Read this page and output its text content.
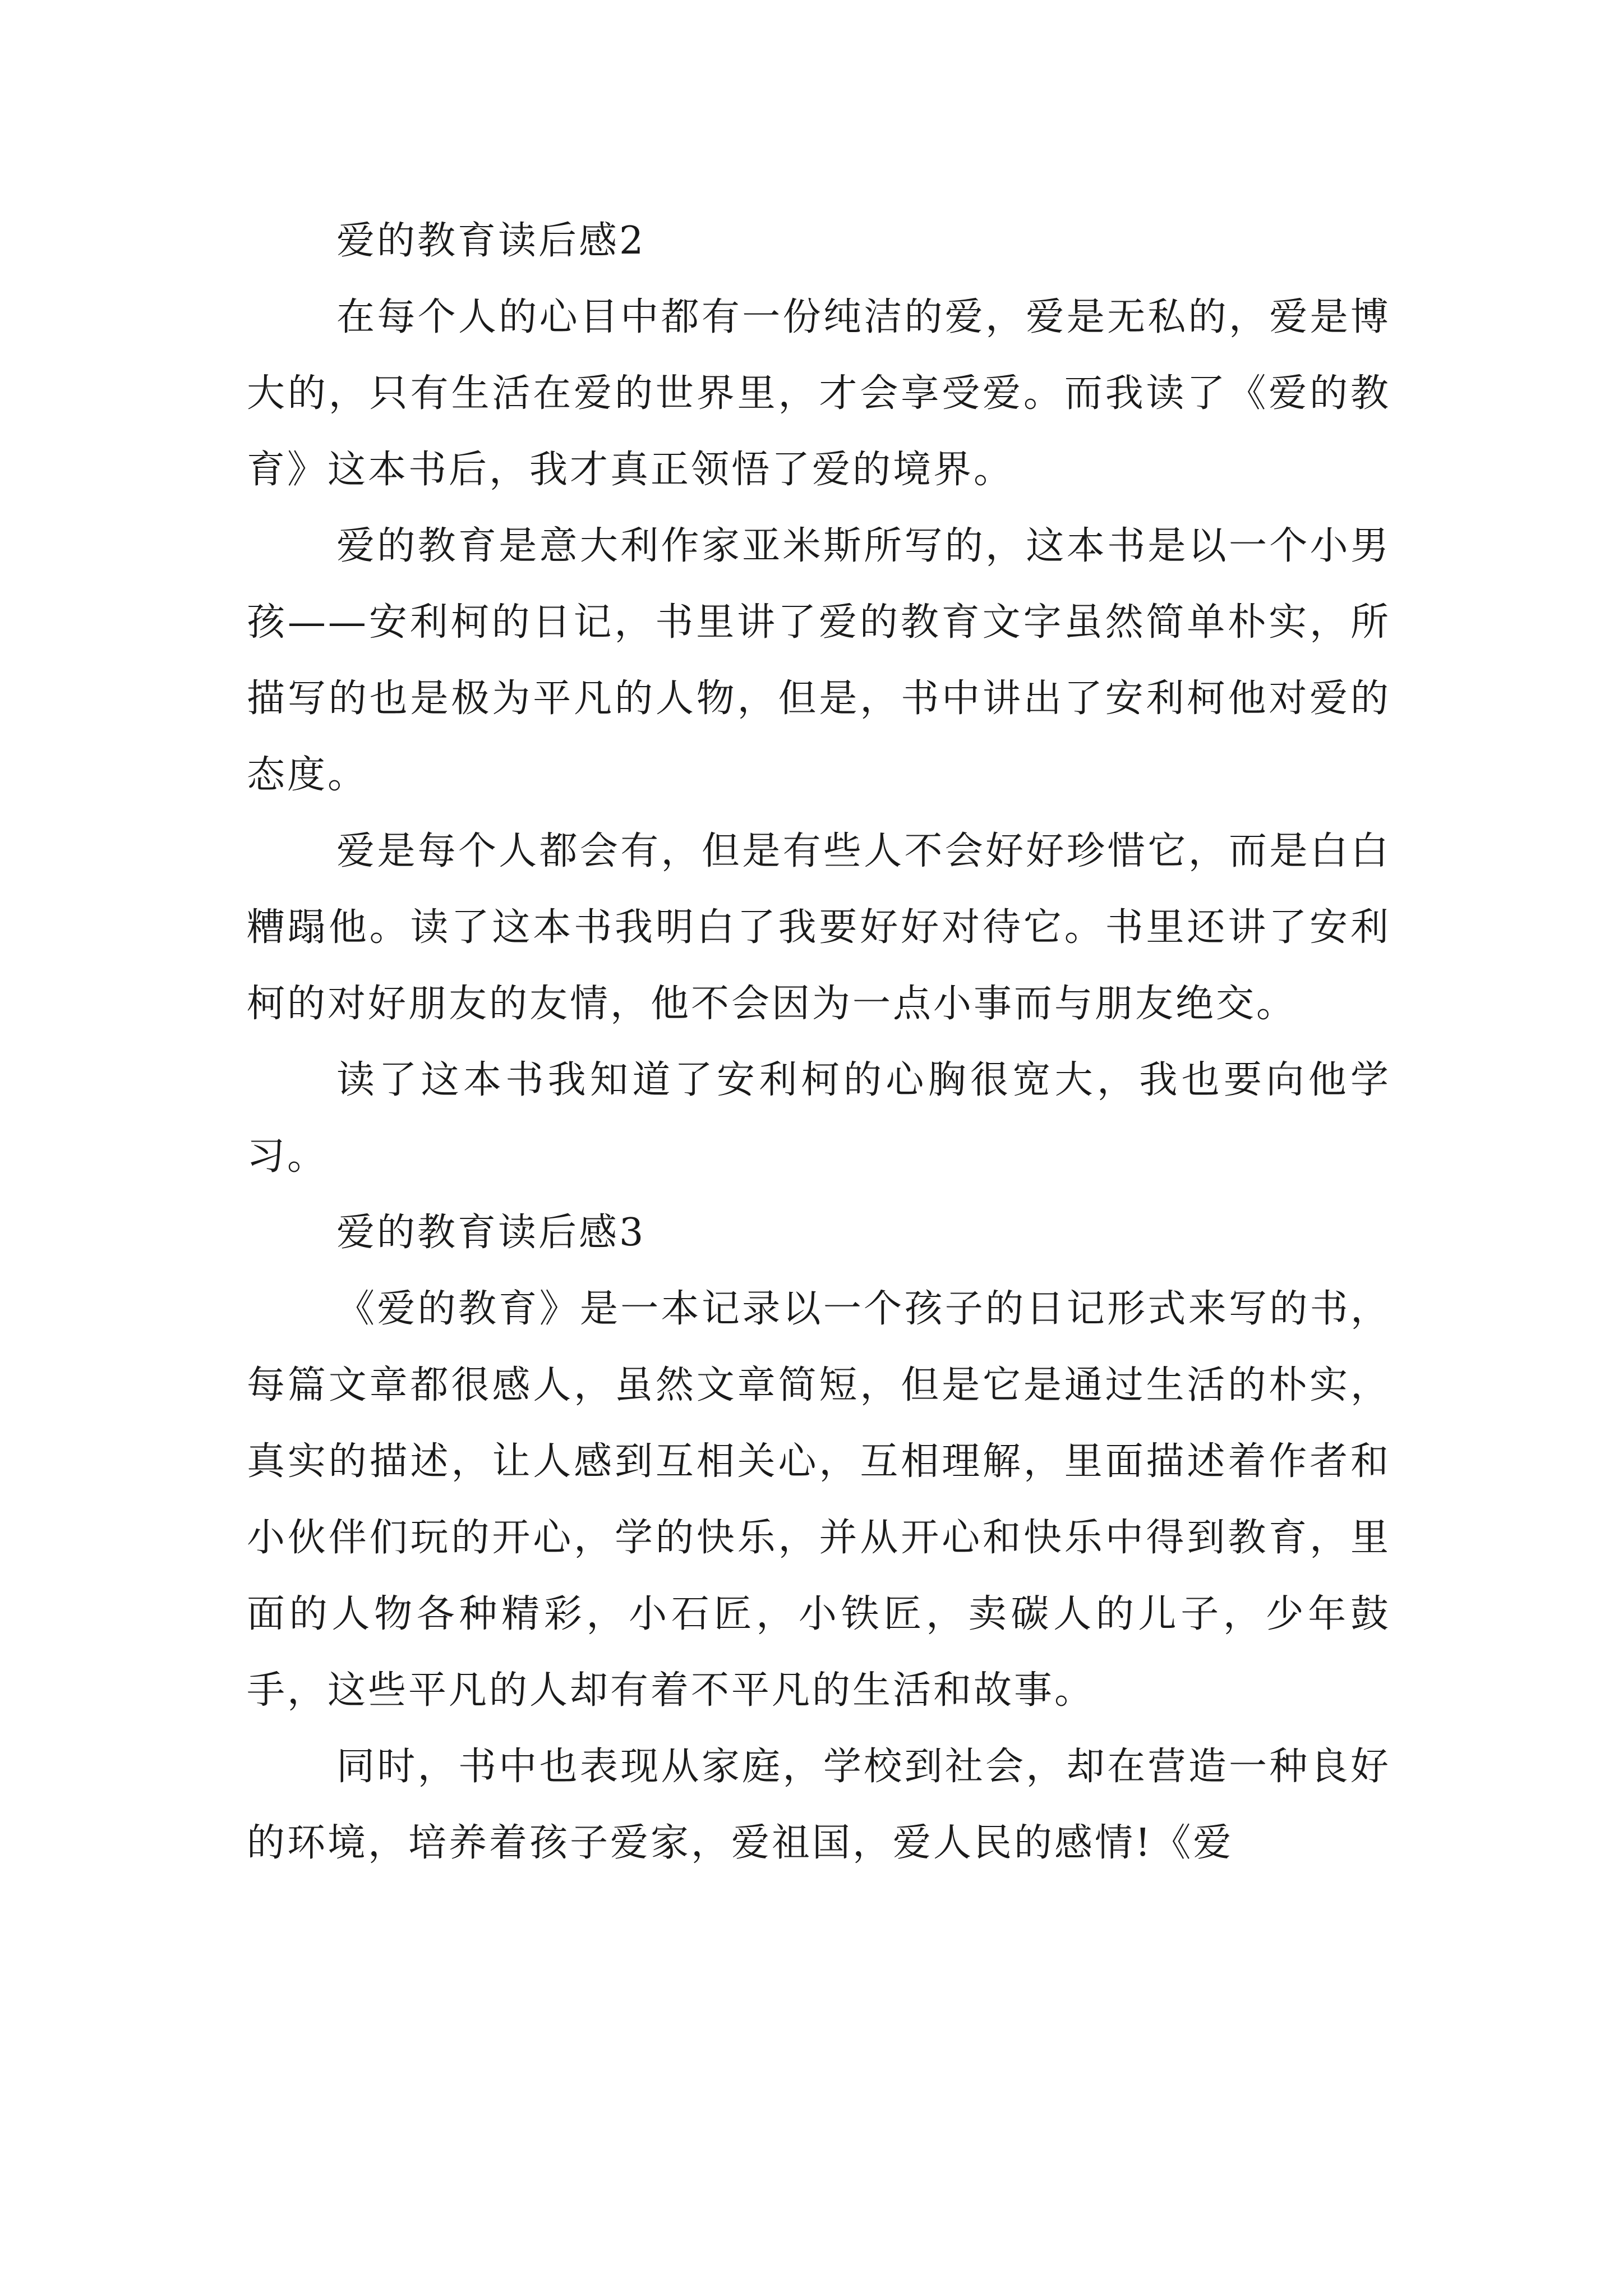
爱的教育读后感2

在每个人的心目中都有一份纯洁的爱，爱是无私的，爱是博大的，只有生活在爱的世界里，才会享受爱。而我读了《爱的教育》这本书后，我才真正领悟了爱的境界。

爱的教育是意大利作家亚米斯所写的，这本书是以一个小男孩——安利柯的日记，书里讲了爱的教育文字虽然简单朴实，所描写的也是极为平凡的人物，但是，书中讲出了安利柯他对爱的态度。

爱是每个人都会有，但是有些人不会好好珍惜它，而是白白糟蹋他。读了这本书我明白了我要好好对待它。书里还讲了安利柯的对好朋友的友情，他不会因为一点小事而与朋友绝交。

读了这本书我知道了安利柯的心胸很宽大，我也要向他学习。

爱的教育读后感3

《爱的教育》是一本记录以一个孩子的日记形式来写的书，每篇文章都很感人，虽然文章简短，但是它是通过生活的朴实，真实的描述，让人感到互相关心，互相理解，里面描述着作者和小伙伴们玩的开心，学的快乐，并从开心和快乐中得到教育，里面的人物各种精彩，小石匠，小铁匠，卖碳人的儿子，少年鼓手，这些平凡的人却有着不平凡的生活和故事。

同时，书中也表现从家庭，学校到社会，却在营造一种良好的环境，培养着孩子爱家，爱祖国，爱人民的感情!《爱
